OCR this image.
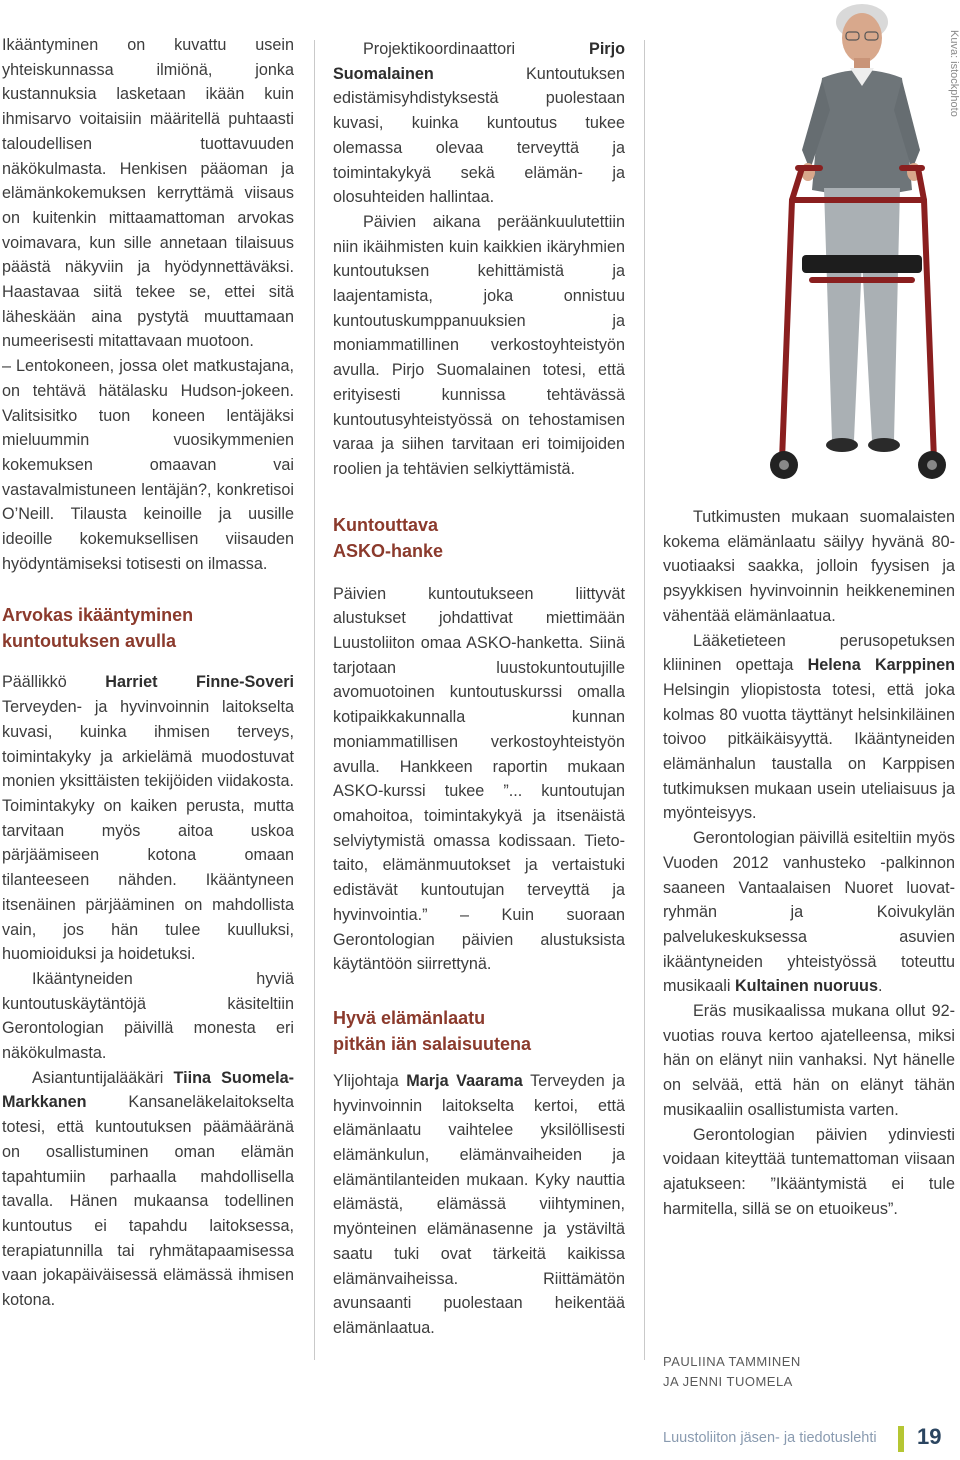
Ikääntyminen on kuvattu usein yhteiskunnassa ilmiönä, jonka kustannuksia lasketaan ikään kuin ihmisarvo voitaisiin määritellä puhtaasti taloudellisen tuottavuuden näkökulmasta. Henkisen pääoman ja elämänkokemuksen kerryttämä viisaus on kuitenkin mittaamattoman arvokas voimavara, kun sille annetaan tilaisuus päästä näkyviin ja hyödynnettäväksi. Haastavaa siitä tekee se, ettei sitä läheskään aina pystytä muuttamaan numeerisesti mitattavaan muotoon.

– Lentokoneen, jossa olet matkustajana, on tehtävä hätälasku Hudson-jokeen. Valitsisitko tuon koneen lentäjäksi mieluummin vuosikymmenien kokemuksen omaavan vai vastavalmistuneen lentäjän?, konkretisoi O’Neill. Tilausta keinoille ja uusille ideoille kokemuksellisen viisauden hyödyntämiseksi totisesti on ilmassa.

Arvokas ikääntyminen
kuntoutuksen avulla

Päällikkö Harriet Finne-Soveri Terveyden- ja hyvinvoinnin laitokselta kuvasi, kuinka ihmisen terveys, toimintakyky ja arkielämä muodostuvat monien yksittäisten tekijöiden viidakosta. Toimintakyky on kaiken perusta, mutta tarvitaan myös aitoa uskoa pärjäämiseen kotona omaan tilanteeseen nähden. Ikääntyneen itsenäinen pärjääminen on mahdollista vain, jos hän tulee kuulluksi, huomioiduksi ja hoidetuksi.

Ikääntyneiden hyviä kuntoutuskäytäntöjä käsiteltiin Gerontologian päivillä monesta eri näkökulmasta.

Asiantuntijalääkäri Tiina Suomela-Markkanen Kansaneläkelaitokselta totesi, että kuntoutuksen päämääränä on osallistuminen oman elämän tapahtumiin parhaalla mahdollisella tavalla. Hänen mukaansa todellinen kuntoutus ei tapahdu laitoksessa, terapiatunnilla tai ryhmätapaamisessa vaan jokapäiväisessä elämässä ihmisen kotona.

Projektikoordinaattori Pirjo Suomalainen Kuntoutuksen edistämisyhdistyksestä puolestaan kuvasi, kuinka kuntoutus tukee olemassa olevaa terveyttä ja toimintakykyä sekä elämän- ja olosuhteiden hallintaa.

Päivien aikana peräänkuulutettiin niin ikäihmisten kuin kaikkien ikäryhmien kuntoutuksen kehittämistä ja laajentamista, joka onnistuu kuntoutuskumppanuuksien ja moniammatillinen verkostoyhteistyön avulla. Pirjo Suomalainen totesi, että erityisesti kunnissa tehtävässä kuntoutusyhteistyössä on tehostamisen varaa ja siihen tarvitaan eri toimijoiden roolien ja tehtävien selkiyttämistä.

Kuntouttava
ASKO-hanke

Päivien kuntoutukseen liittyvät alustukset johdattivat miettimään Luustoliiton omaa ASKO-hanketta. Siinä tarjotaan luustokuntoutujille avomuotoinen kuntoutuskurssi omalla kotipaikkakunnalla kunnan moniammatillisen verkostoyhteistyön avulla. Hankkeen raportin mukaan ASKO-kurssi tukee ”... kuntoutujan omahoitoa, toimintakykyä ja itsenäistä selviytymistä omassa kodissaan. Tieto-taito, elämänmuutokset ja vertaistuki edistävät kuntoutujan terveyttä ja hyvinvointia.” – Kuin suoraan Gerontologian päivien alustuksista käytäntöön siirrettynä.

Hyvä elämänlaatu
pitkän iän salaisuutena

Ylijohtaja Marja Vaarama Terveyden ja hyvinvoinnin laitokselta kertoi, että elämänlaatu vaihtelee yksilöllisesti elämänkulun, elämänvaiheiden ja elämäntilanteiden mukaan. Kyky nauttia elämästä, elämässä viihtyminen, myönteinen elämänasenne ja ystäviltä saatu tuki ovat tärkeitä kaikissa elämänvaiheissa. Riittämätön avunsaanti puolestaan heikentää elämänlaatua.

Kuva: istockphoto

Tutkimusten mukaan suomalaisten kokema elämänlaatu säilyy hyvänä 80-vuotiaaksi saakka, jolloin fyysisen ja psyykkisen hyvinvoinnin heikkeneminen vähentää elämänlaatua.

Lääketieteen perusopetuksen kliininen opettaja Helena Karppinen Helsingin yliopistosta totesi, että joka kolmas 80 vuotta täyttänyt helsinkiläinen toivoo pitkäikäisyyttä. Ikääntyneiden elämänhalun taustalla on Karppisen tutkimuksen mukaan usein uteliaisuus ja myönteisyys.

Gerontologian päivillä esiteltiin myös Vuoden 2012 vanhusteko -palkinnon saaneen Vantaalaisen Nuoret luovat-ryhmän ja Koivukylän palvelukeskuksessa asuvien ikääntyneiden yhteistyössä toteuttu musikaali Kultainen nuoruus.

Eräs musikaalissa mukana ollut 92-vuotias rouva kertoo ajatelleensa, miksi hän on elänyt niin vanhaksi. Nyt hänelle on selvää, että hän on elänyt tähän musikaaliin osallistumista varten.

Gerontologian päivien ydinviesti voidaan kiteyttää tuntemattoman viisaan ajatukseen: ”Ikääntymistä ei tule harmitella, sillä se on etuoikeus”.

PAULIINA TAMMINEN
JA JENNI TUOMELA
Luustoliiton jäsen- ja tiedotuslehti 19
